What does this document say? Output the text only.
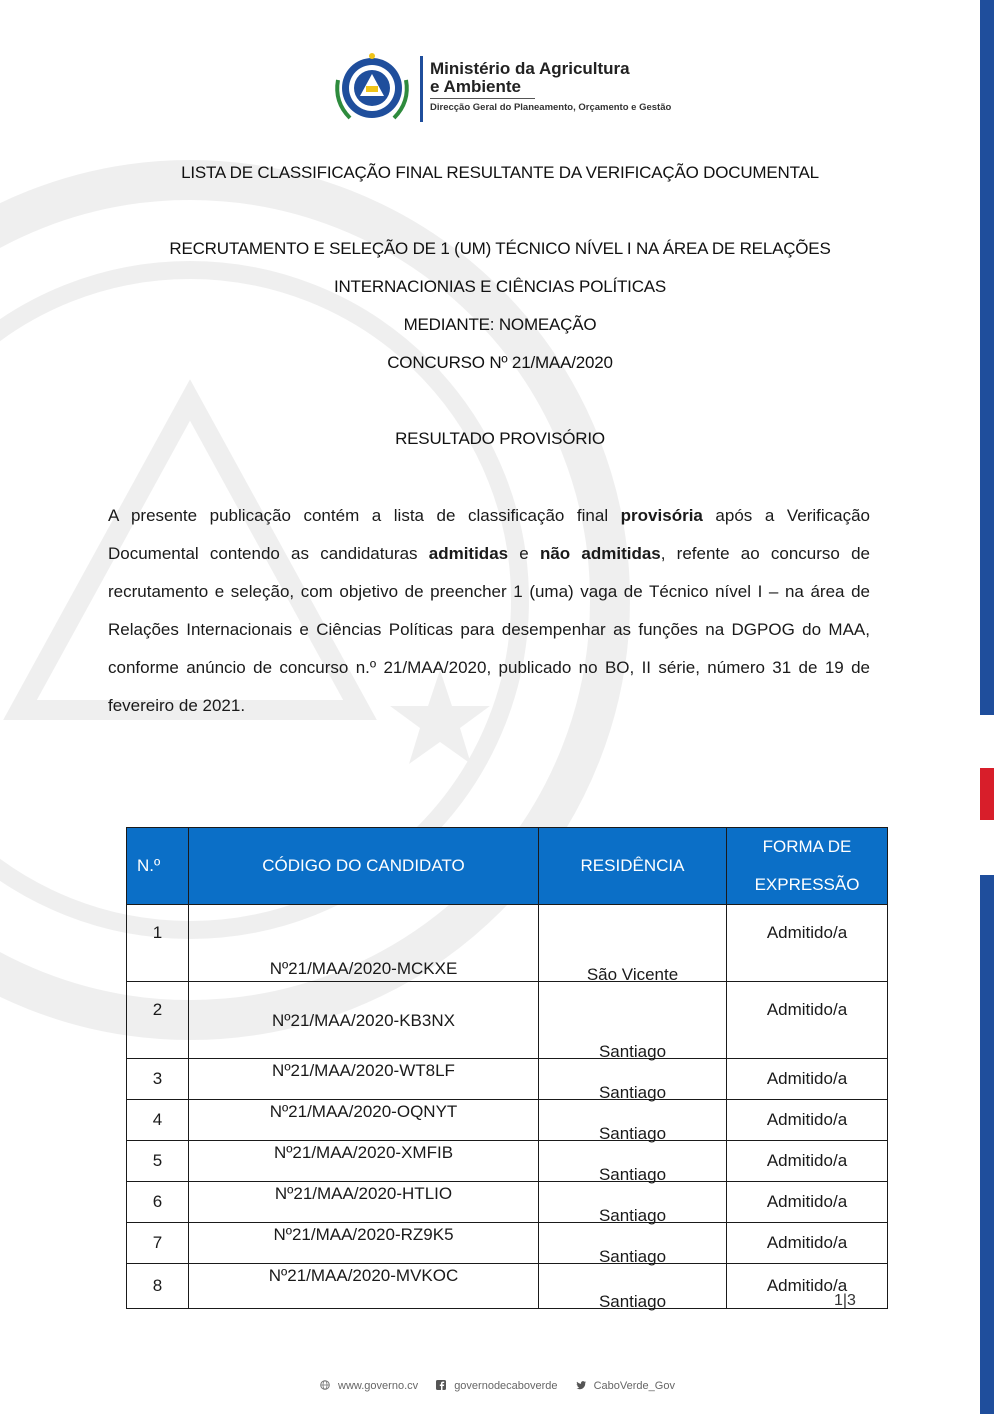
Ministério da Agricultura
e Ambiente
Direcção Geral do Planeamento, Orçamento e Gestão
LISTA DE CLASSIFICAÇÃO FINAL RESULTANTE DA VERIFICAÇÃO DOCUMENTAL
RECRUTAMENTO E SELEÇÃO DE 1 (UM) TÉCNICO NÍVEL I NA ÁREA DE RELAÇÕES
INTERNACIONIAS E CIÊNCIAS POLÍTICAS
MEDIANTE: NOMEAÇÃO
CONCURSO Nº 21/MAA/2020
RESULTADO PROVISÓRIO
A presente publicação contém a lista de classificação final provisória após a Verificação Documental contendo as candidaturas admitidas e não admitidas, refente ao concurso de recrutamento e seleção, com objetivo de preencher 1 (uma) vaga de Técnico nível I – na área de Relações Internacionais e Ciências Políticas para desempenhar as funções na DGPOG do MAA, conforme anúncio de concurso n.º 21/MAA/2020, publicado no BO, II série, número 31 de 19 de fevereiro de 2021.
N.º	CÓDIGO DO CANDIDATO	RESIDÊNCIA	FORMA DE
EXPRESSÃO

1	Nº21/MAA/2020-MCKXE	São Vicente	Admitido/a
2	Nº21/MAA/2020-KB3NX	Santiago	Admitido/a
3	Nº21/MAA/2020-WT8LF	Santiago	Admitido/a
4	Nº21/MAA/2020-OQNYT	Santiago	Admitido/a
5	Nº21/MAA/2020-XMFIB	Santiago	Admitido/a
6	Nº21/MAA/2020-HTLIO	Santiago	Admitido/a
7	Nº21/MAA/2020-RZ9K5	Santiago	Admitido/a
8	Nº21/MAA/2020-MVKOC	Santiago	Admitido/a
1|3
www.governo.cv	governodecaboverde	CaboVerde_Gov
